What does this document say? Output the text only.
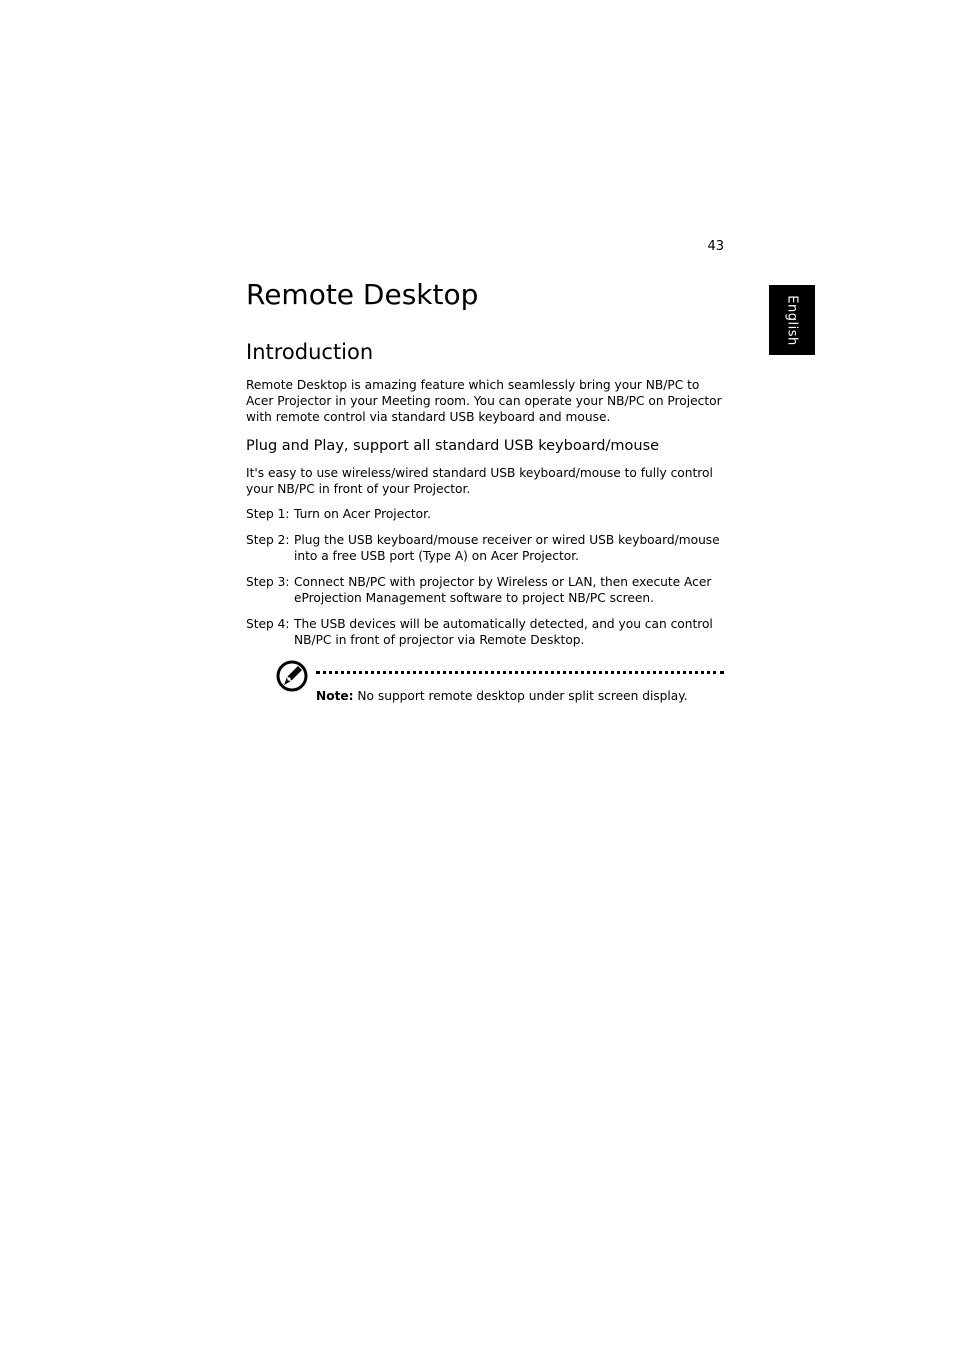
43
English
Remote Desktop
Introduction

Remote Desktop is amazing feature which seamlessly bring your NB/PC to Acer Projector in your Meeting room. You can operate your NB/PC on Projector with remote control via standard USB keyboard and mouse.

Plug and Play, support all standard USB keyboard/mouse

It's easy to use wireless/wired standard USB keyboard/mouse to fully control your NB/PC in front of your Projector.

Step 1: Turn on Acer Projector.
Step 2: Plug the USB keyboard/mouse receiver or wired USB keyboard/mouse into a free USB port (Type A) on Acer Projector.
Step 3: Connect NB/PC with projector by Wireless or LAN, then execute Acer eProjection Management software to project NB/PC screen.
Step 4: The USB devices will be automatically detected, and you can control NB/PC in front of projector via Remote Desktop.
Note: No support remote desktop under split screen display.
